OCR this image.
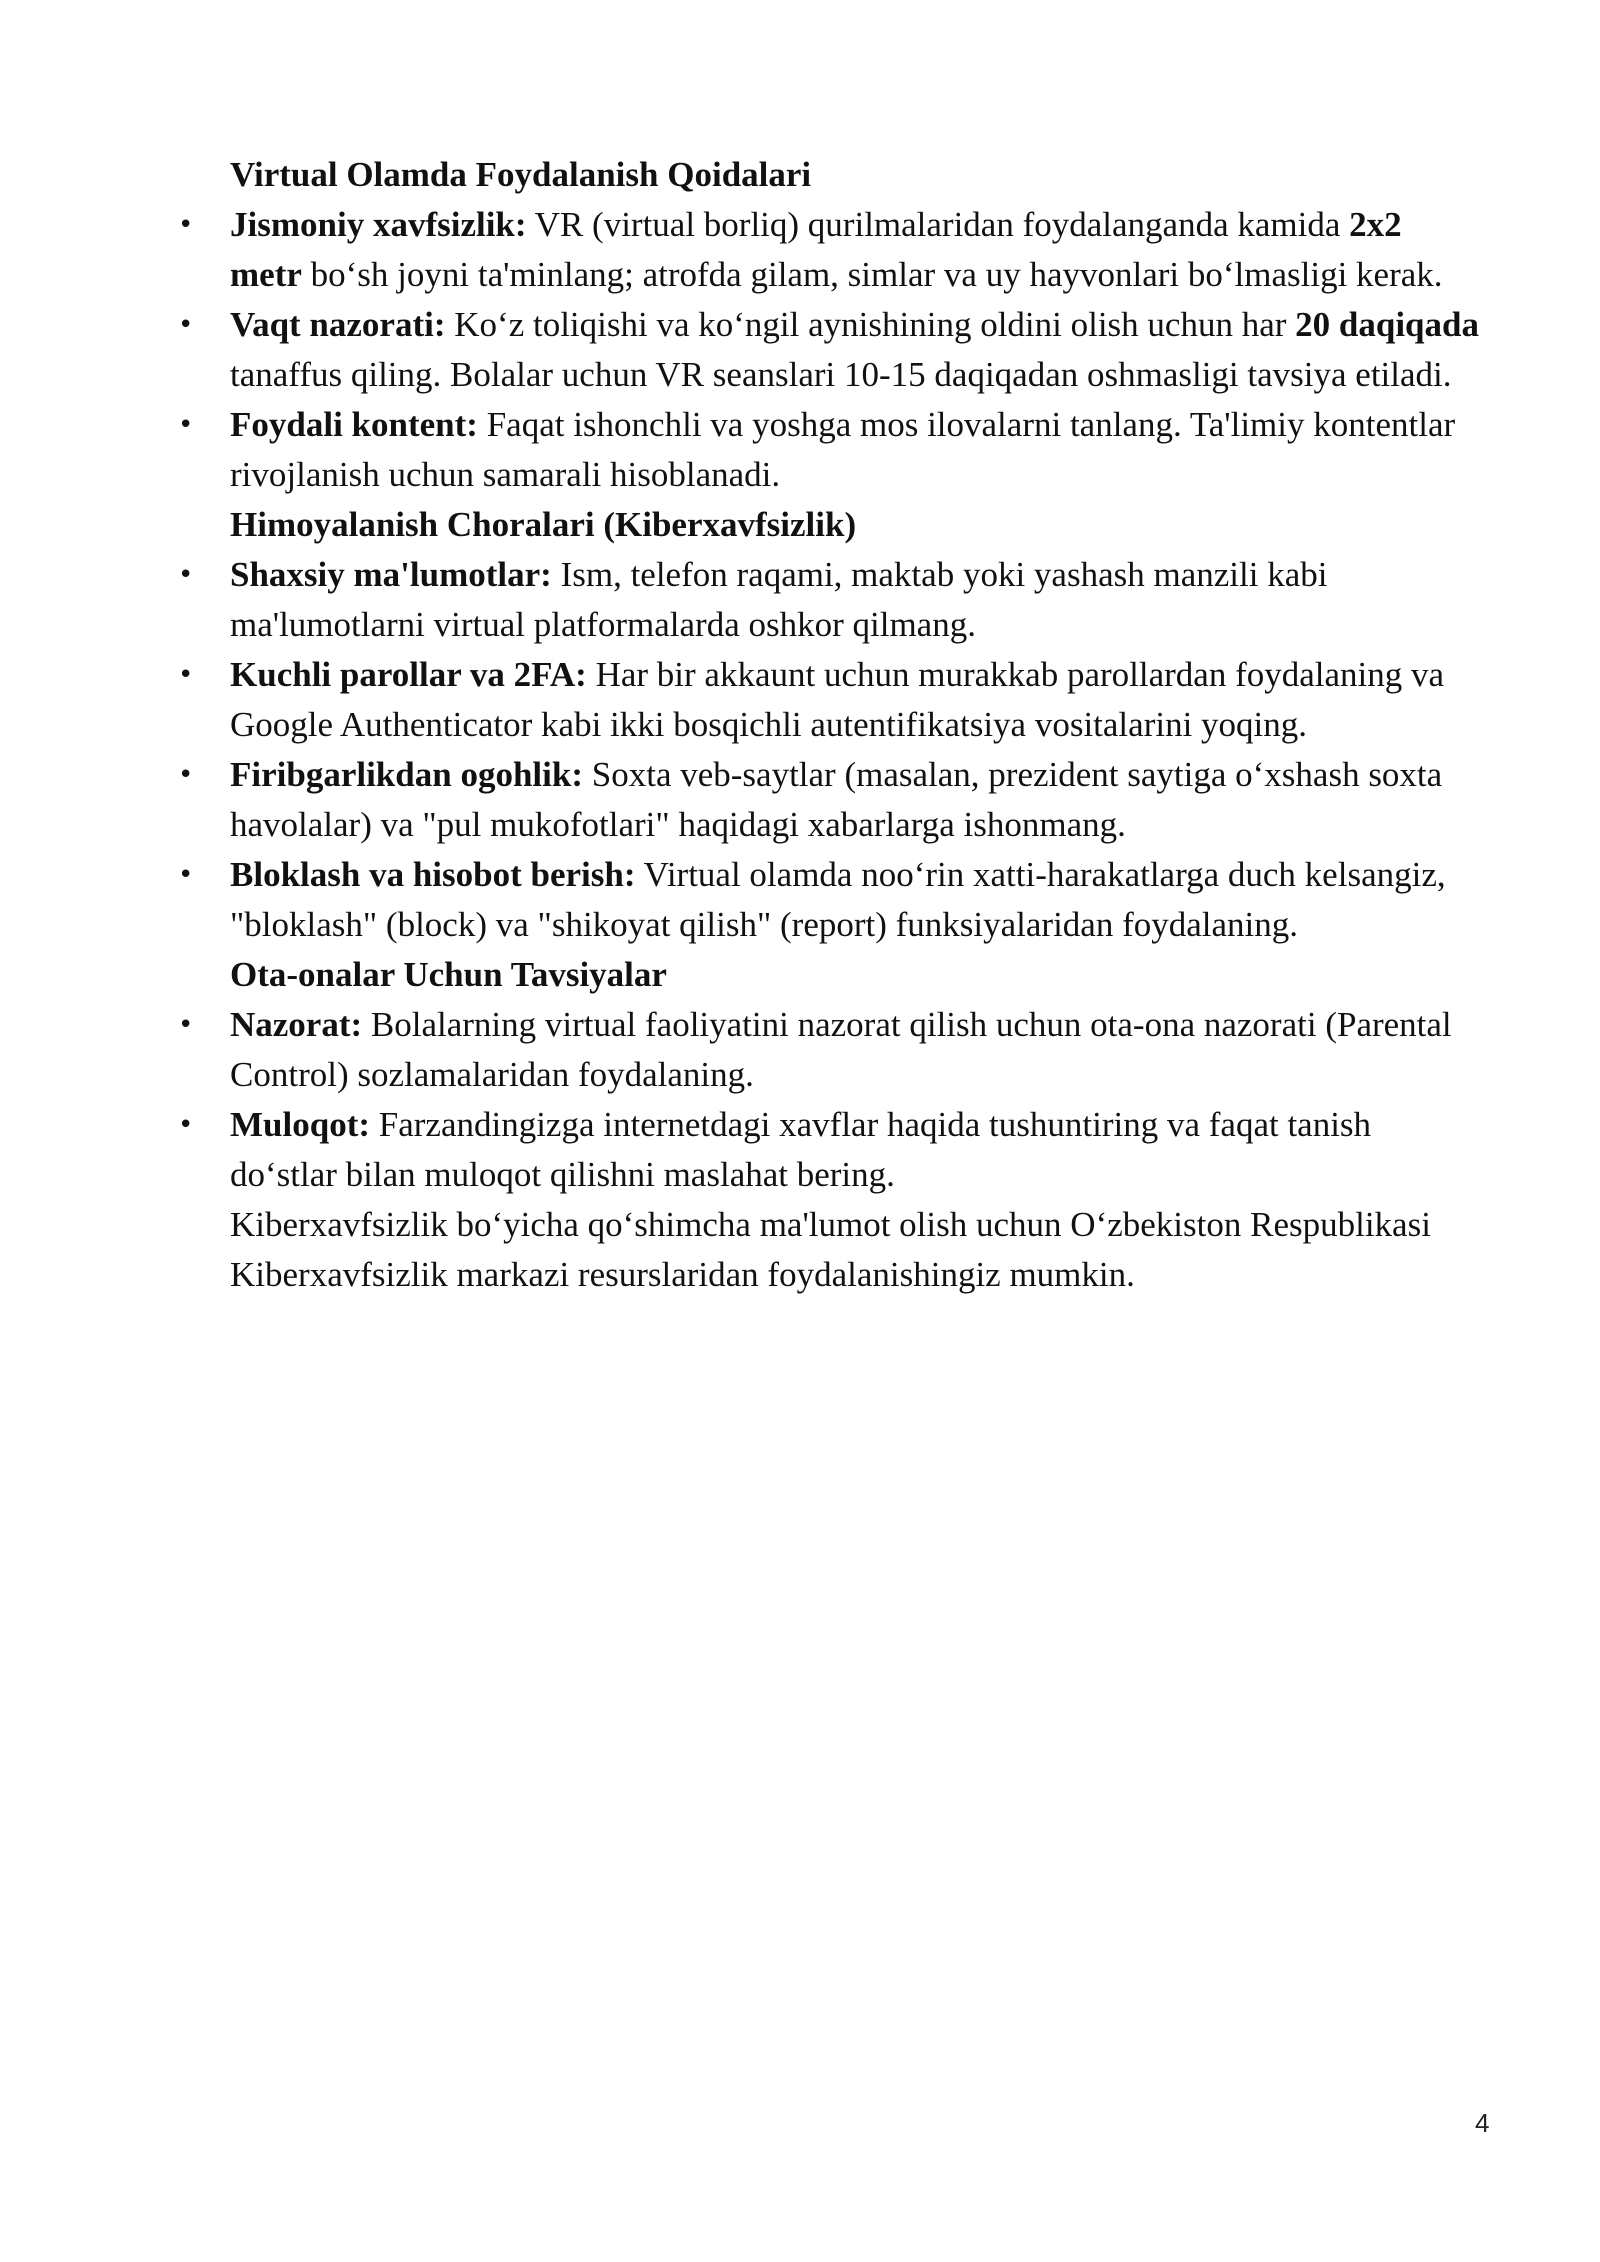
Virtual Olamda Foydalanish Qoidalari

• Jismoniy xavfsizlik: VR (virtual borliq) qurilmalaridan foydalanganda kamida 2x2 metr bo‘sh joyni ta'minlang; atrofda gilam, simlar va uy hayvonlari bo‘lmasligi kerak.
• Vaqt nazorati: Ko‘z toliqishi va ko‘ngil aynishining oldini olish uchun har 20 daqiqada tanaffus qiling. Bolalar uchun VR seanslari 10-15 daqiqadan oshmasligi tavsiya etiladi.
• Foydali kontent: Faqat ishonchli va yoshga mos ilovalarni tanlang. Ta'limiy kontentlar rivojlanish uchun samarali hisoblanadi.

Himoyalanish Choralari (Kiberxavfsizlik)

• Shaxsiy ma'lumotlar: Ism, telefon raqami, maktab yoki yashash manzili kabi ma'lumotlarni virtual platformalarda oshkor qilmang.
• Kuchli parollar va 2FA: Har bir akkaunt uchun murakkab parollardan foydalaning va Google Authenticator kabi ikki bosqichli autentifikatsiya vositalarini yoqing.
• Firibgarlikdan ogohlik: Soxta veb-saytlar (masalan, prezident saytiga o‘xshash soxta havolalar) va "pul mukofotlari" haqidagi xabarlarga ishonmang.
• Bloklash va hisobot berish: Virtual olamda noo‘rin xatti-harakatlarga duch kelsangiz, "bloklash" (block) va "shikoyat qilish" (report) funksiyalaridan foydalaning.

Ota-onalar Uchun Tavsiyalar

• Nazorat: Bolalarning virtual faoliyatini nazorat qilish uchun ota-ona nazorati (Parental Control) sozlamalaridan foydalaning.
• Muloqot: Farzandingizga internetdagi xavflar haqida tushuntiring va faqat tanish do‘stlar bilan muloqot qilishni maslahat bering.

Kiberxavfsizlik bo‘yicha qo‘shimcha ma'lumot olish uchun O‘zbekiston Respublikasi Kiberxavfsizlik markazi resurslaridan foydalanishingiz mumkin.

4
